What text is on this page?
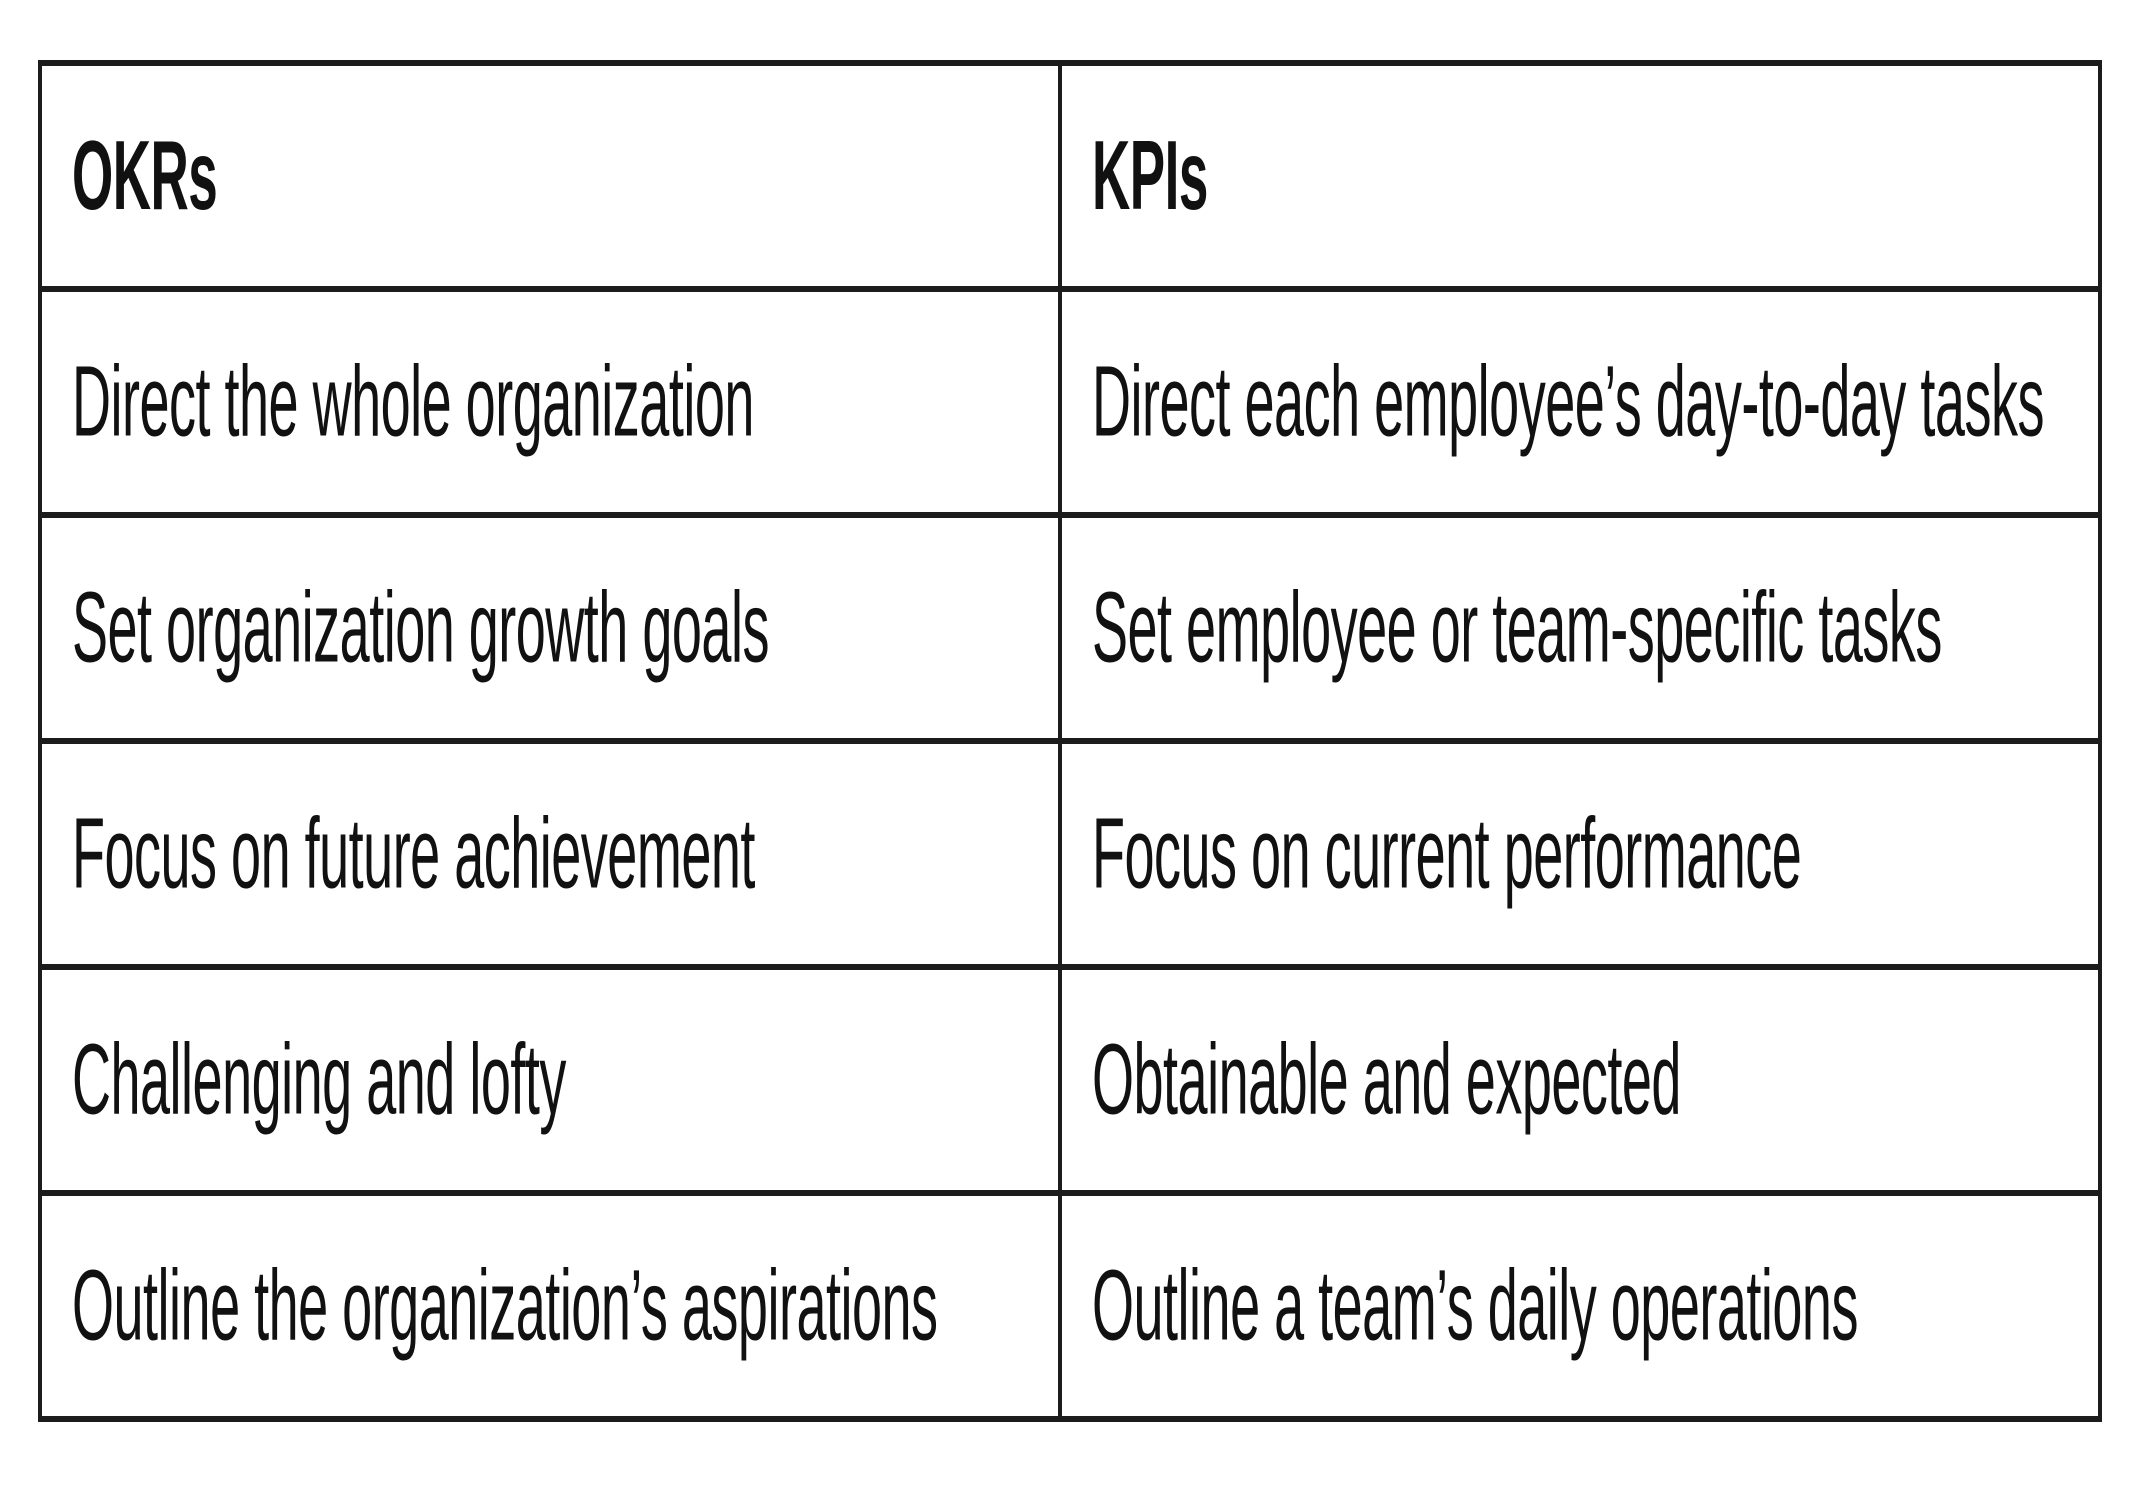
OKRs	KPIs
Direct the whole organization	Direct each employee’s day-to-day tasks
Set organization growth goals	Set employee or team-specific tasks
Focus on future achievement	Focus on current performance
Challenging and lofty	Obtainable and expected
Outline the organization’s aspirations	Outline a team’s daily operations
